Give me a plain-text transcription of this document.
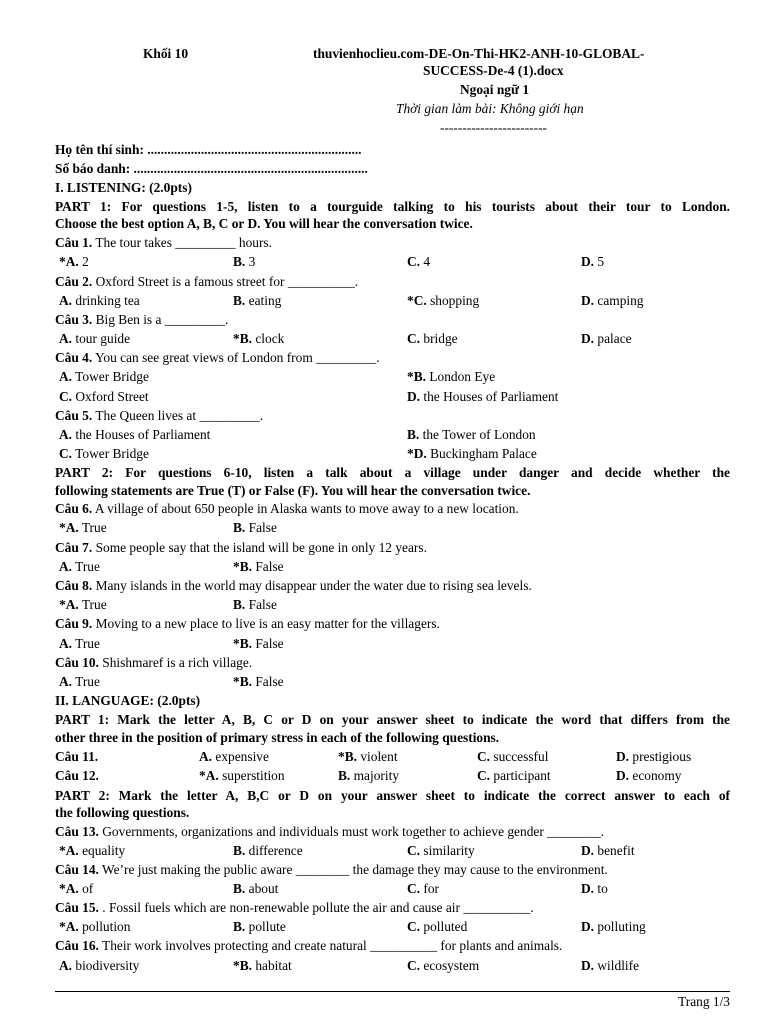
Khối 10	thuvienhoclieu.com-DE-On-Thi-HK2-ANH-10-GLOBAL-
SUCCESS-De-4 (1).docx
Ngoại ngữ 1
Thời gian làm bài: Không giới hạn
------------------------
Họ tên thí sinh: ................................................................
Số báo danh: ......................................................................
I. LISTENING: (2.0pts)
PART 1: For questions 1-5, listen to a tourguide talking to his tourists about their tour to London.
Choose the best option A, B, C or D. You will hear the conversation twice.
Câu 1. The tour takes _________ hours.
*A. 2	B. 3	C. 4	D. 5
Câu 2. Oxford Street is a famous street for __________.
A. drinking tea	B. eating	*C. shopping	D. camping
Câu 3. Big Ben is a _________.
A. tour guide	*B. clock	C. bridge	D. palace
Câu 4. You can see great views of London from _________.
A. Tower Bridge	*B. London Eye
C. Oxford Street	D. the Houses of Parliament
Câu 5. The Queen lives at _________.
A. the Houses of Parliament	B. the Tower of London
C. Tower Bridge	*D. Buckingham Palace
PART 2: For questions 6-10, listen a talk about a village under danger and decide whether the
following statements are True (T) or False (F). You will hear the conversation twice.
Câu 6. A village of about 650 people in Alaska wants to move away to a new location.
*A. True	B. False
Câu 7. Some people say that the island will be gone in only 12 years.
A. True	*B. False
Câu 8. Many islands in the world may disappear under the water due to rising sea levels.
*A. True	B. False
Câu 9. Moving to a new place to live is an easy matter for the villagers.
A. True	*B. False
Câu 10. Shishmaref is a rich village.
A. True	*B. False
II. LANGUAGE: (2.0pts)
PART 1: Mark the letter A, B, C or D on your answer sheet to indicate the word that differs from the
other three in the position of primary stress in each of the following questions.
Câu 11.	A. expensive	*B. violent	C. successful	D. prestigious
Câu 12.	*A. superstition	B. majority	C. participant	D. economy
PART 2: Mark the letter A, B,C or D on your answer sheet to indicate the correct answer to each of
the following questions.
Câu 13. Governments, organizations and individuals must work together to achieve gender ________.
*A. equality	B. difference	C. similarity	D. benefit
Câu 14. We’re just making the public aware ________ the damage they may cause to the environment.
*A. of	B. about	C. for	D. to
Câu 15. . Fossil fuels which are non-renewable pollute the air and cause air __________.
*A. pollution	B. pollute	C. polluted	D. polluting
Câu 16. Their work involves protecting and create natural __________ for plants and animals.
A. biodiversity	*B. habitat	C. ecosystem	D. wildlife
Trang 1/3
